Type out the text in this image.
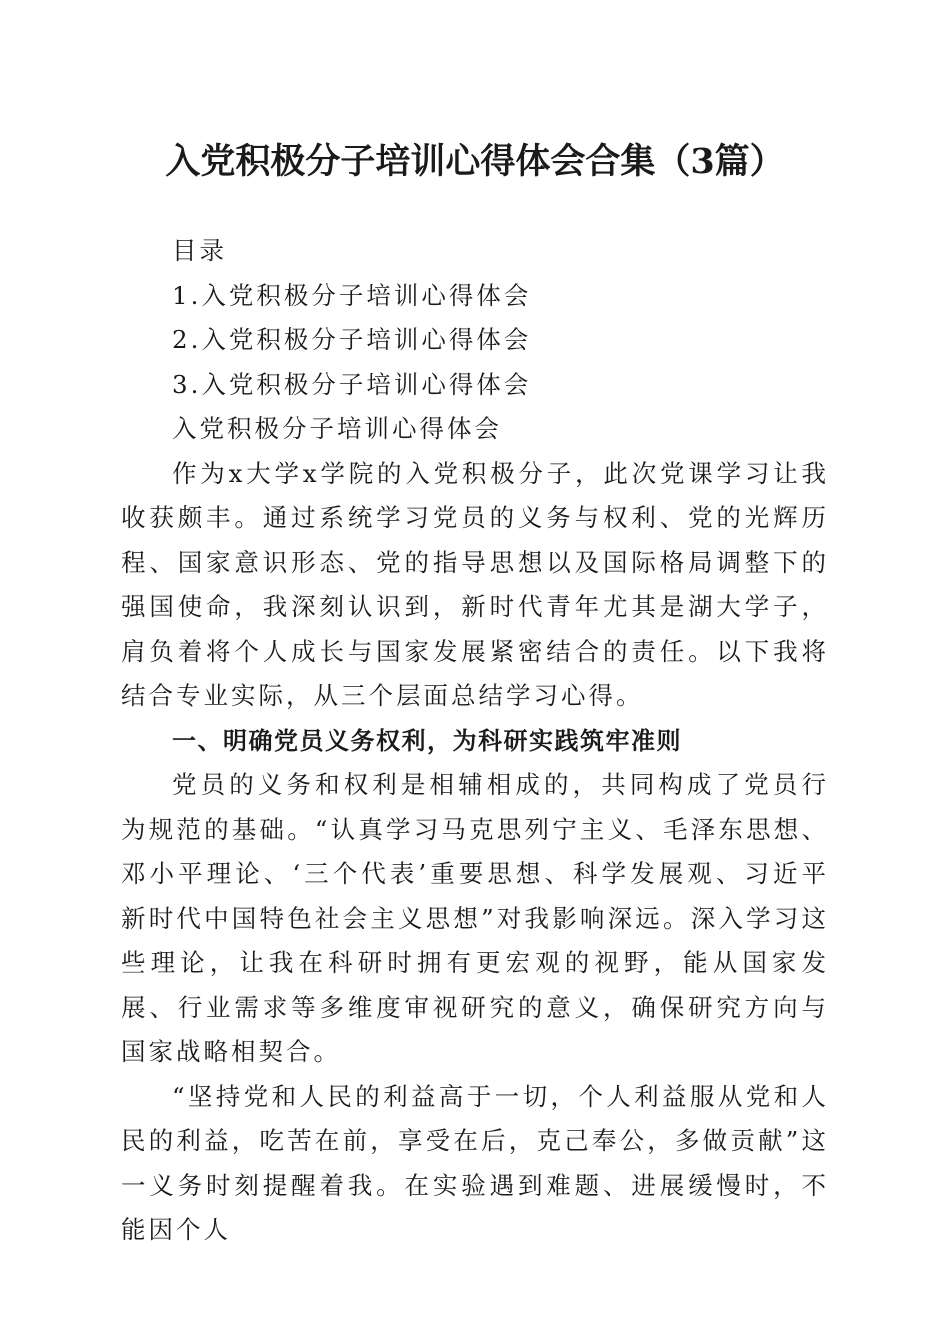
入党积极分子培训心得体会合集（3篇）
目录
1.入党积极分子培训心得体会
2.入党积极分子培训心得体会
3.入党积极分子培训心得体会
入党积极分子培训心得体会

作为x大学x学院的入党积极分子，此次党课学习让我收获颇丰。通过系统学习党员的义务与权利、党的光辉历程、国家意识形态、党的指导思想以及国际格局调整下的强国使命，我深刻认识到，新时代青年尤其是湖大学子，肩负着将个人成长与国家发展紧密结合的责任。以下我将结合专业实际，从三个层面总结学习心得。

一、明确党员义务权利，为科研实践筑牢准则

党员的义务和权利是相辅相成的，共同构成了党员行为规范的基础。“认真学习马克思列宁主义、毛泽东思想、邓小平理论、‘三个代表’重要思想、科学发展观、习近平新时代中国特色社会主义思想”对我影响深远。深入学习这些理论，让我在科研时拥有更宏观的视野，能从国家发展、行业需求等多维度审视研究的意义，确保研究方向与国家战略相契合。

“坚持党和人民的利益高于一切，个人利益服从党和人民的利益，吃苦在前，享受在后，克己奉公，多做贡献”这一义务时刻提醒着我。在实验遇到难题、进展缓慢时，不能因个人
